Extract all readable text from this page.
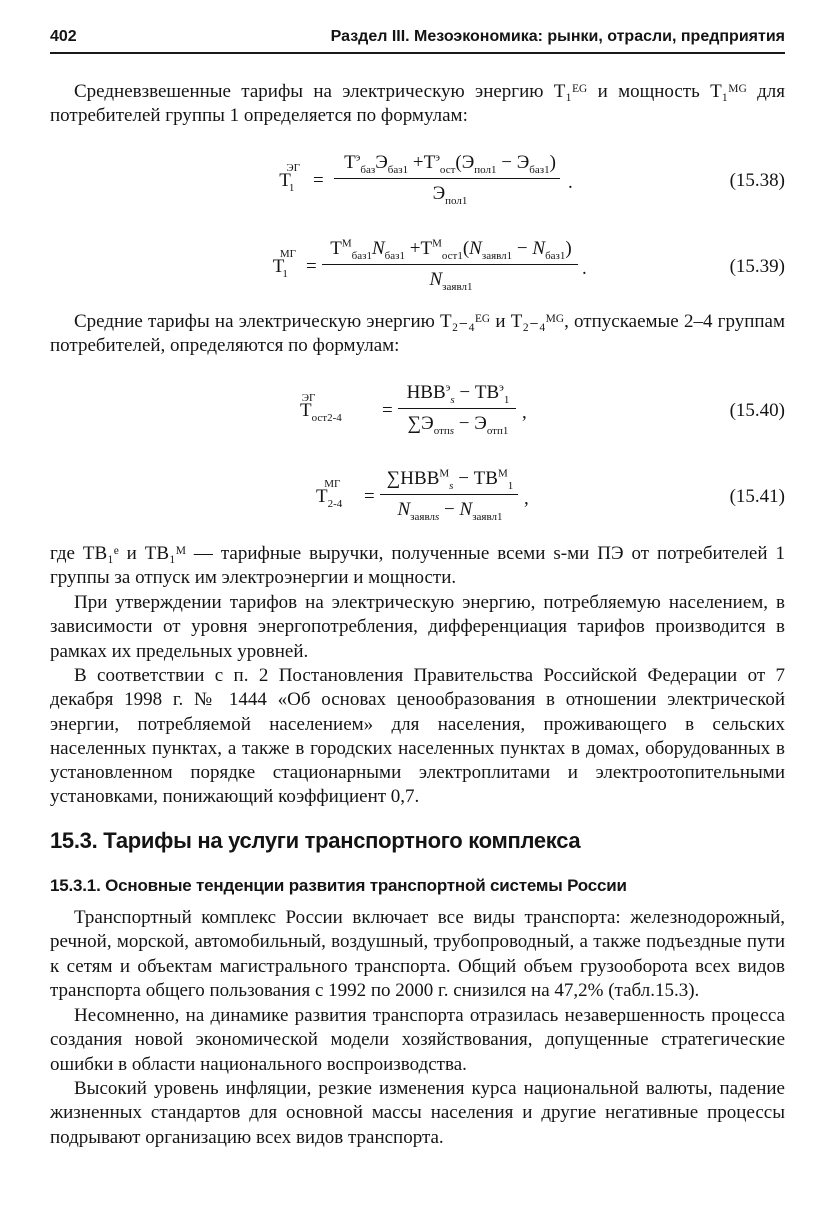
402	Раздел III. Мезоэкономика: рынки, отрасли, предприятия

Средневзвешенные тарифы на электрическую энергию Т₁ᴱᴳ и мощность Т₁ᴹᴳ для потребителей группы 1 определяется по формулам:

$Т_1^{ЭГ}$
=
$Т^э_{баз}Э_{баз1} +Т^э_{ост}(Э_{пол1} - Э_{баз1})$
$Э_{пол1}$
.	(15.38)
$Т_1^{МГ}$
=
$Т^М_{баз1}N_{баз1} +Т^М_{ост1}(N_{заявл1} - N_{баз1})$
$N_{заявл1}$
.	(15.39)

Средние тарифы на электрическую энергию Т₂₋₄ᴱᴳ и Т₂₋₄ᴹᴳ, отпускаемые 2–4 группам потребителей, определяются по формулам:

$Т_{ост2-4}^{ЭГ}$
=
$НВВ^э_s - ТВ^э_1$
$\sum Э_{отпs} - Э_{отп1}$
,	(15.40)
$Т_{2-4}^{МГ}$
=
$\sum НВВ^М_s - ТВ^М_1$
$N_{заявлs} - N_{заявл1}$
,	(15.41)

где ТВ₁ᵉ и ТВ₁ᴹ — тарифные выручки, полученные всеми s-ми ПЭ от потребителей 1 группы за отпуск им электроэнергии и мощности.

При утверждении тарифов на электрическую энергию, потребляемую населением, в зависимости от уровня энергопотребления, дифференциация тарифов производится в рамках их предельных уровней.

В соответствии с п. 2 Постановления Правительства Российской Федерации от 7 декабря 1998 г. № 1444 «Об основах ценообразования в отношении электрической энергии, потребляемой населением» для населения, проживающего в сельских населенных пунктах, а также в городских населенных пунктах в домах, оборудованных в установленном порядке стационарными электроплитами и электроотопительными установками, понижающий коэффициент 0,7.

15.3. Тарифы на услуги транспортного комплекса
15.3.1. Основные тенденции развития транспортной системы России

Транспортный комплекс России включает все виды транспорта: железнодорожный, речной, морской, автомобильный, воздушный, трубопроводный, а также подъездные пути к сетям и объектам магистрального транспорта. Общий объем грузооборота всех видов транспорта общего пользования с 1992 по 2000 г. снизился на 47,2% (табл.15.3).

Несомненно, на динамике развития транспорта отразилась незавершенность процесса создания новой экономической модели хозяйствования, допущенные стратегические ошибки в области национального воспроизводства.

Высокий уровень инфляции, резкие изменения курса национальной валюты, падение жизненных стандартов для основной массы населения и другие негативные процессы подрывают организацию всех видов транспорта.
